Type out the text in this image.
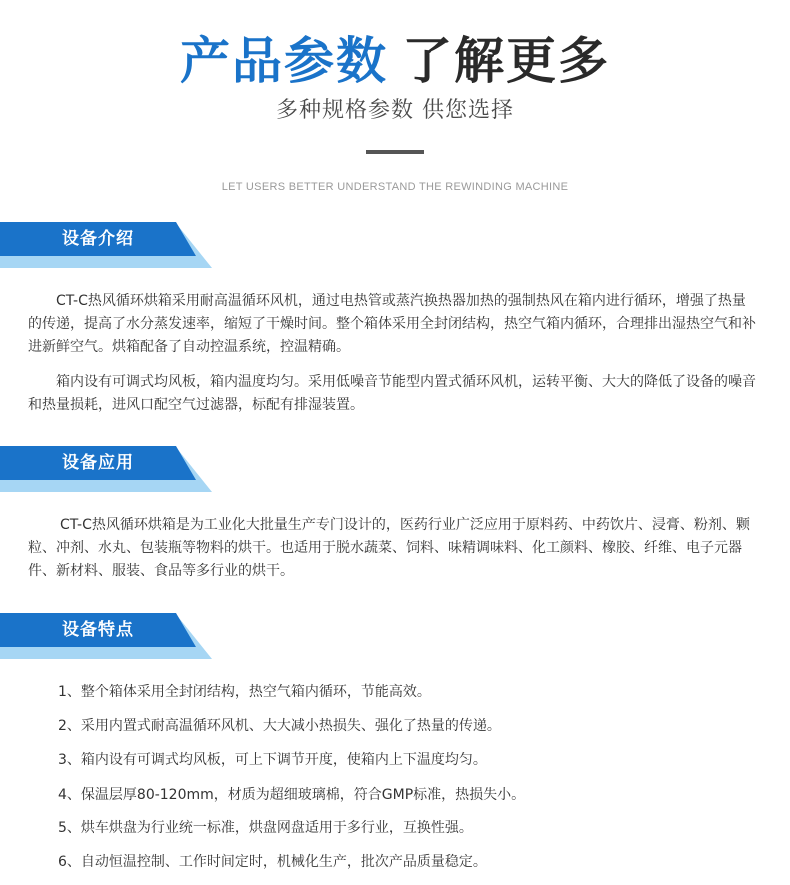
产品参数 了解更多
多种规格参数 供您选择
LET USERS BETTER UNDERSTAND THE REWINDING MACHINE
设备介绍
CT-C热风循环烘箱采用耐高温循环风机，通过电热管或蒸汽换热器加热的强制热风在箱内进行循环，增强了热量的传递，提高了水分蒸发速率，缩短了干燥时间。整个箱体采用全封闭结构，热空气箱内循环，合理排出湿热空气和补进新鲜空气。烘箱配备了自动控温系统，控温精确。
箱内设有可调式均风板，箱内温度均匀。采用低噪音节能型内置式循环风机，运转平衡、大大的降低了设备的噪音和热量损耗，进风口配空气过滤器，标配有排湿装置。
设备应用
CT-C热风循环烘箱是为工业化大批量生产专门设计的，医药行业广泛应用于原料药、中药饮片、浸膏、粉剂、颗粒、冲剂、水丸、包装瓶等物料的烘干。也适用于脱水蔬菜、饲料、味精调味料、化工颜料、橡胶、纤维、电子元器件、新材料、服装、食品等多行业的烘干。
设备特点
1、整个箱体采用全封闭结构，热空气箱内循环，节能高效。
2、采用内置式耐高温循环风机、大大减小热损失、强化了热量的传递。
3、箱内设有可调式均风板，可上下调节开度，使箱内上下温度均匀。
4、保温层厚80-120mm，材质为超细玻璃棉，符合GMP标准，热损失小。
5、烘车烘盘为行业统一标准，烘盘网盘适用于多行业，互换性强。
6、自动恒温控制、工作时间定时，机械化生产，批次产品质量稳定。
